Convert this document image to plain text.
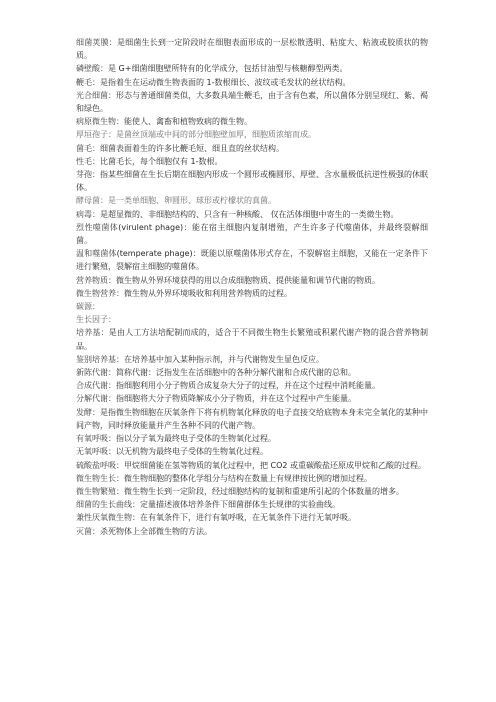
细菌荚膜：是细菌生长到一定阶段时在细胞表面形成的一层松散透明、粘度大、粘液或胶质状的物质。

磷壁酸：是 G+细菌细胞壁所特有的化学成分，包括甘油型与核糖醇型两类。

鞭毛：是指着生在运动微生物表面的 1-数根细长、波纹或毛发状的丝状结构。

光合细菌：形态与普通细菌类似，大多数具端生鞭毛，由于含有色素，所以菌体分别呈现红、紫、褐和绿色。

病原微生物：能使人、禽畜和植物致病的微生物。

厚垣孢子：是菌丝顶端或中间的部分细胞壁加厚，细胞质浓缩而成。

菌毛：细菌表面着生的许多比鞭毛短、细且直的丝状结构。

性毛：比菌毛长，每个细胞仅有 1-数根。

芽孢：指某些细菌在生长后期在细胞内形成一个圆形或椭圆形、厚壁、含水量极低抗逆性极强的休眠体。

酵母菌：是一类单细胞、卵圆形、球形或柠檬状的真菌。

病毒：是超显微的、非细胞结构的、只含有一种核酸、 仅在活体细胞中寄生的一类微生物。

烈性噬菌体(virulent phage)：能在宿主细胞内复制增殖，产生许多子代噬菌体，并最终裂解细菌。

温和噬菌体(temperate phage)：既能以原噬菌体形式存在，不裂解宿主细胞，又能在一定条件下进行繁殖，裂解宿主细胞的噬菌体。

营养物质：微生物从外界环境获得的用以合成细胞物质、提供能量和调节代谢的物质。

微生物营养：微生物从外界环境吸收和利用营养物质的过程。

碳源：

生长因子：

培养基：是由人工方法培配制而成的，适合于不同微生物生长繁殖或积累代谢产物的混合营养物制品。

鉴别培养基：在培养基中加入某种指示剂，并与代谢物发生显色反应。

新陈代谢：简称代谢：泛指发生在活细胞中的各种分解代谢和合成代谢的总和。

合成代谢：指细胞利用小分子物质合成复杂大分子的过程，并在这个过程中消耗能量。

分解代谢：指细胞将大分子物质降解成小分子物质，并在这个过程中产生能量。

发酵：是指微生物细胞在厌氧条件下将有机物氧化释放的电子直接交给底物本身未完全氧化的某种中间产物，同时释放能量并产生各种不同的代谢产物。

有氧呼吸：指以分子氧为最终电子受体的生物氧化过程。

无氧呼吸：以无机物为最终电子受体的生物氧化过程。

硫酸盐呼吸：甲烷细菌能在氢等物质的氧化过程中，把 CO2 或重碳酸盐还原成甲烷和乙酸的过程。

微生物生长：微生物细胞的整体化学组分与结构在数量上有规律按比例的增加过程。

微生物繁殖：微生物生长到一定阶段，经过细胞结构的复制和重建所引起的个体数量的增多。

细菌的生长曲线：定量描述液体培养条件下细菌群体生长规律的实验曲线。

兼性厌氧微生物：在有氧条件下，进行有氧呼吸，在无氧条件下进行无氧呼吸。

灭菌：杀死物体上全部微生物的方法。
